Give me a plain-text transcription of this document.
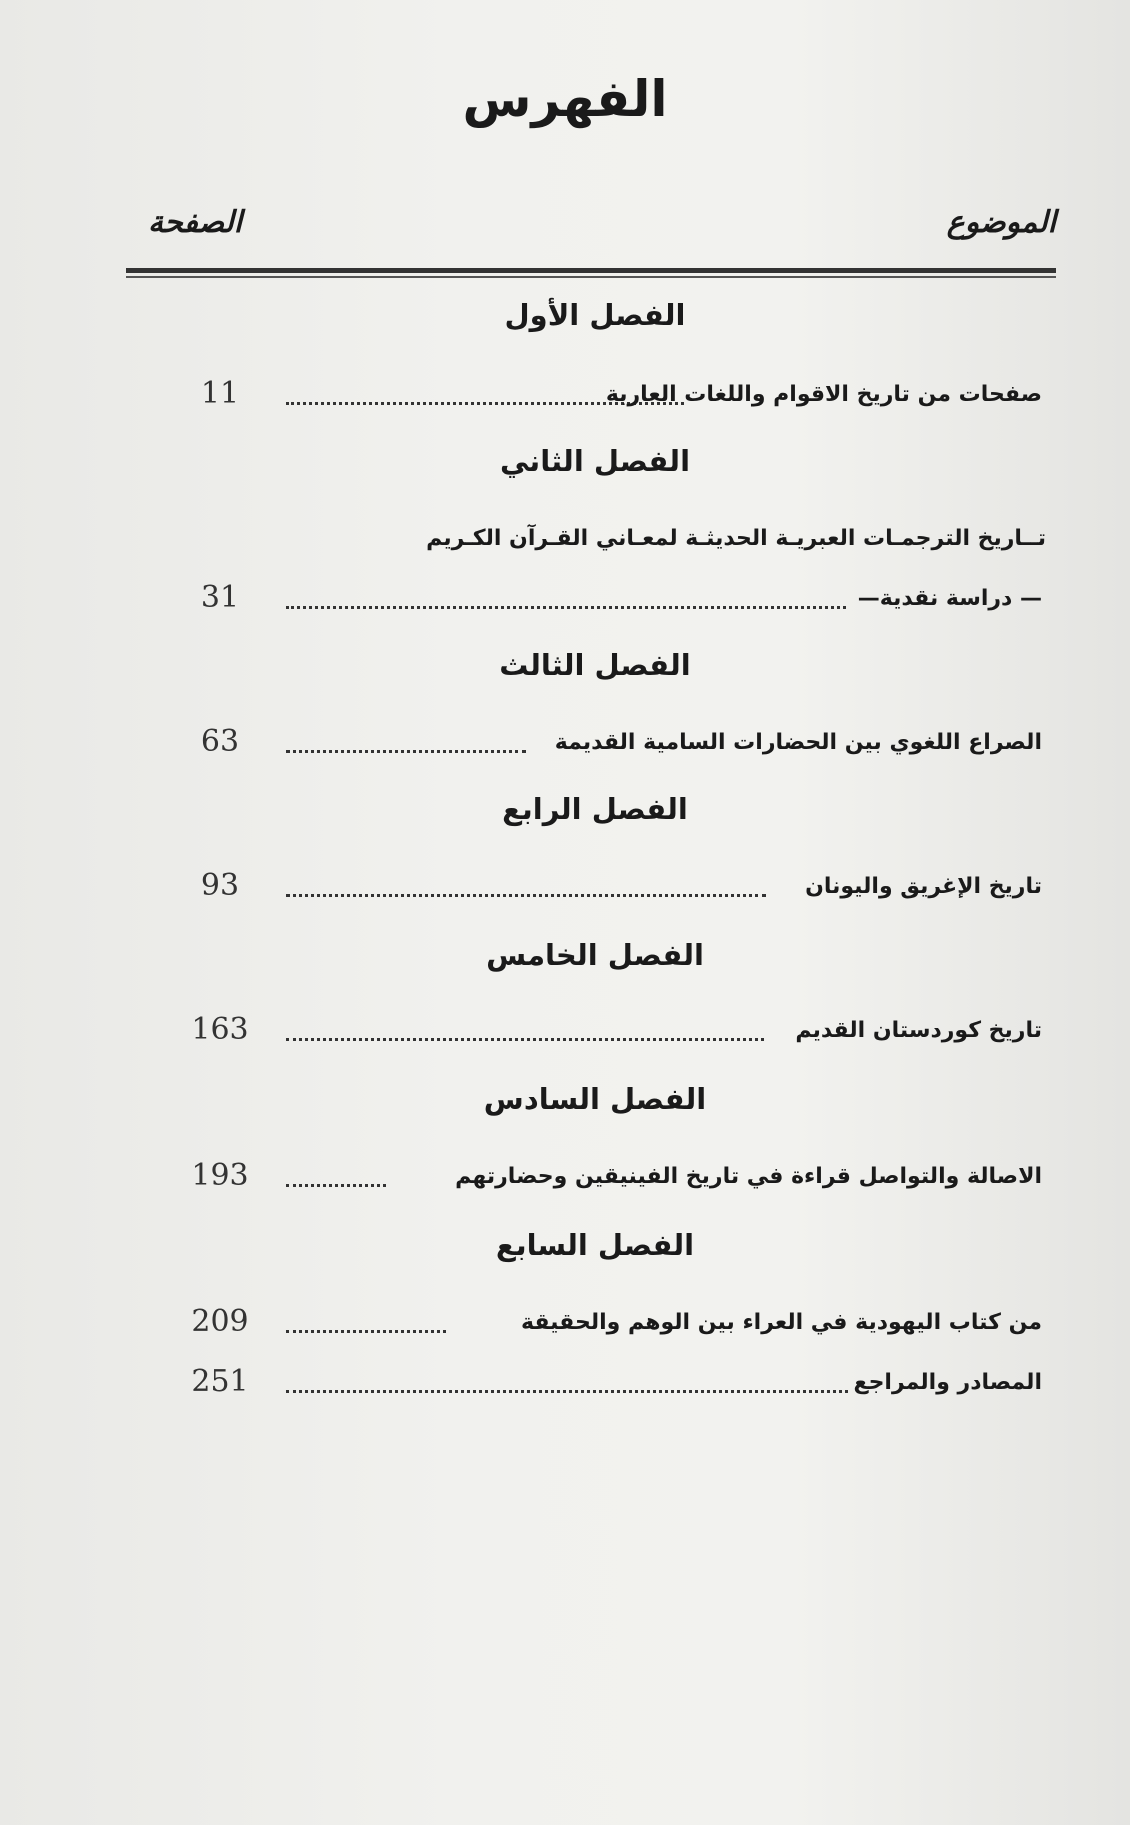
الفهرس
الموضوع
الصفحة
الفصل الأول
11	صفحات من تاريخ الاقوام واللغات العاربة
الفصل الثاني
تــاريخ الترجمـات العبريـة الحديثـة لمعـاني القـرآن الكـريم
31	— دراسة نقدية—
الفصل الثالث
63	الصراع اللغوي بين الحضارات السامية القديمة
الفصل الرابع
93	تاريخ الإغريق واليونان
الفصل الخامس
163	تاريخ كوردستان القديم
الفصل السادس
193	الاصالة والتواصل قراءة في تاريخ الفينيقين وحضارتهم
الفصل السابع
209	من كتاب اليهودية في العراء بين الوهم والحقيقة
251	المصادر والمراجع
